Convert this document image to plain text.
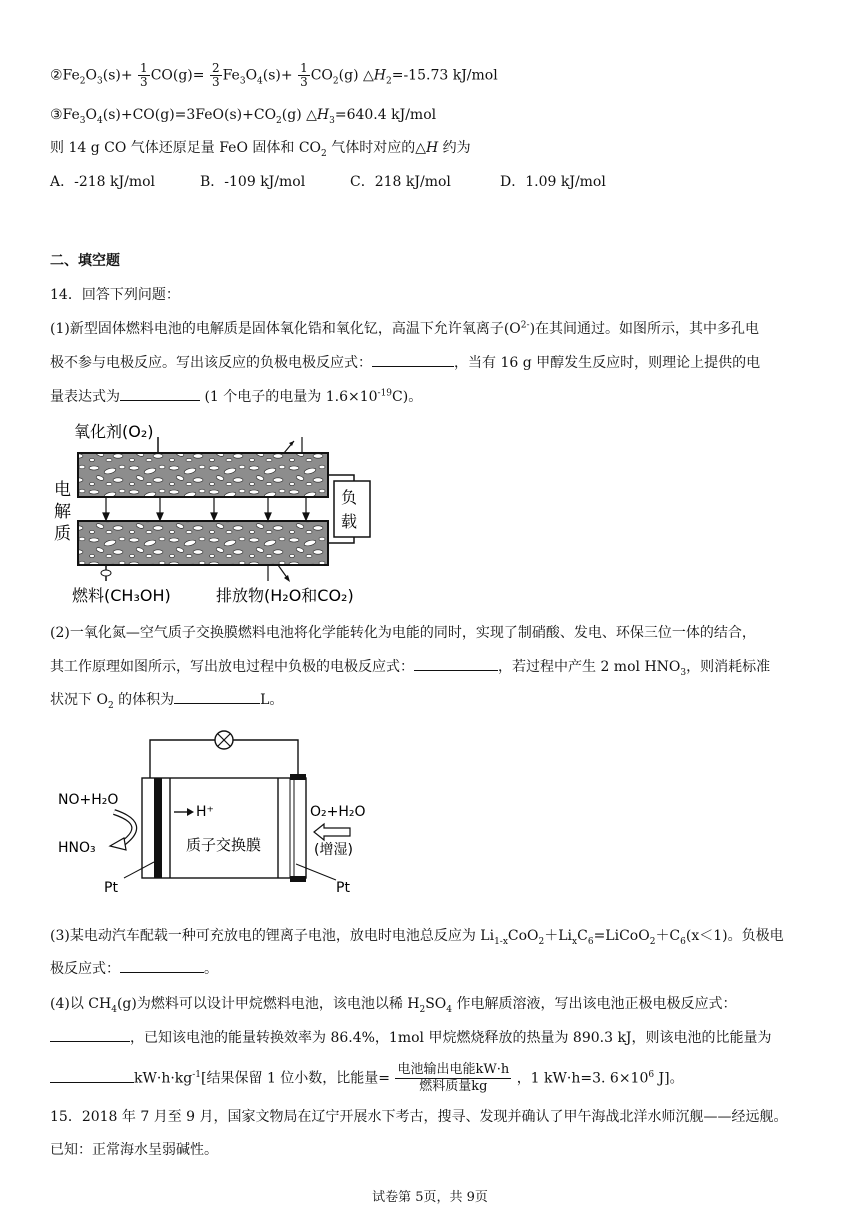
$②Fe_2O_3(s)+ \frac{1}{3} CO(g)= \frac{2}{3} Fe_3O_4(s)+ \frac{1}{3} CO_2(g)$ $\triangle H_2=-15.73$ kJ/mol
$③Fe_3O_4(s)+CO(g)=3FeO(s)+CO_2(g)$ $\triangle H_3=640.4$ kJ/mol
则 14 g CO 气体还原足量 FeO 固体和 $CO_2$ 气体时对应的△H 约为
A．-218 kJ/mol	B．-109 kJ/mol	C．218 kJ/mol	D．1.09 kJ/mol
二、填空题
14．回答下列问题：
(1)新型固体燃料电池的电解质是固体氧化锆和氧化钇，高温下允许氧离子$(O^{2-})$在其间通过。如图所示，其中多孔电
极不参与电极反应。写出该反应的负极电极反应式：	，当有 16 g 甲醇发生反应时，则理论上提供的电
量表达式为	(1 个电子的电量为 $1.6\times 10^{-19}C$)。
氧化剂(O₂)
电
解
质
负
载
燃料(CH₃OH)	排放物(H₂O和CO₂)
(2)一氧化氮—空气质子交换膜燃料电池将化学能转化为电能的同时，实现了制硝酸、发电、环保三位一体的结合，
其工作原理如图所示，写出放电过程中负极的电极反应式：	，若过程中产生 2 mol $HNO_3$，则消耗标准
状况下 $O_2$ 的体积为	L。
H⁺
质子交换膜
NO+H₂O
HNO₃
O₂+H₂O
(增湿)
Pt	Pt
(3)某电动汽车配载一种可充放电的锂离子电池，放电时电池总反应为 $Li_{1-x}CoO_2+Li_xC_6=LiCoO_2+C_6(x<1)$。负极电
极反应式：	。
(4)以 $CH_4(g)$为燃料可以设计甲烷燃料电池，该电池以稀 $H_2SO_4$ 作电解质溶液，写出该电池正极电极反应式：
，已知该电池的能量转换效率为 86.4%，1mol 甲烷燃烧释放的热量为 890.3 kJ，则该电池的比能量为
$kW\cdot h\cdot kg^{-1}$[结果保留 1 位小数，比能量= $\frac{\text{电池输出电能kW·h}}{\text{燃料质量kg}}$ ，1 kW·h=3. $6\times 10^6$ J]。
15．2018 年 7 月至 9 月，国家文物局在辽宁开展水下考古，搜寻、发现并确认了甲午海战北洋水师沉舰——经远舰。
已知：正常海水呈弱碱性。
试卷第 5页，共 9页
